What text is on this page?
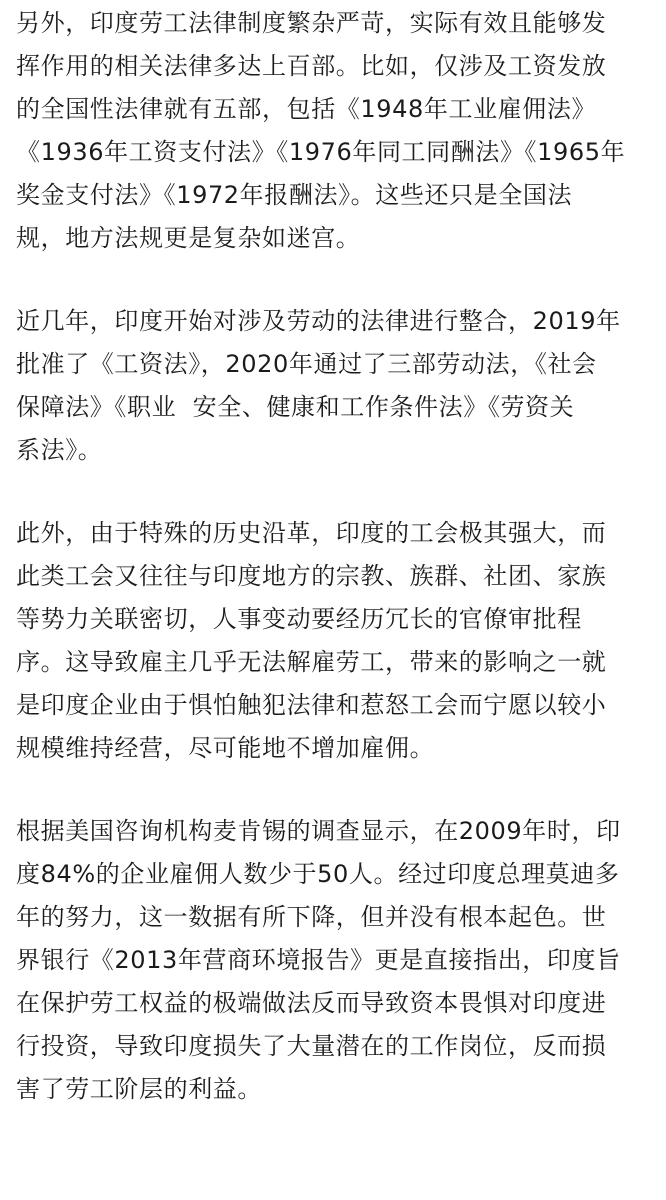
另外，印度劳工法律制度繁杂严苛，实际有效且能够发
挥作用的相关法律多达上百部。比如，仅涉及工资发放
的全国性法律就有五部，包括《1948年工业雇佣法》
《1936年工资支付法》《1976年同工同酬法》《1965年
奖金支付法》《1972年报酬法》。这些还只是全国法
规，地方法规更是复杂如迷宫。
近几年，印度开始对涉及劳动的法律进行整合，2019年
批准了《工资法》，2020年通过了三部劳动法，《社会
保障法》《职业  安全、健康和工作条件法》《劳资关
系法》。
此外，由于特殊的历史沿革，印度的工会极其强大，而
此类工会又往往与印度地方的宗教、族群、社团、家族
等势力关联密切，人事变动要经历冗长的官僚审批程
序。这导致雇主几乎无法解雇劳工，带来的影响之一就
是印度企业由于惧怕触犯法律和惹怒工会而宁愿以较小
规模维持经营，尽可能地不增加雇佣。
根据美国咨询机构麦肯锡的调查显示，在2009年时，印
度84%的企业雇佣人数少于50人。经过印度总理莫迪多
年的努力，这一数据有所下降，但并没有根本起色。世
界银行《2013年营商环境报告》更是直接指出，印度旨
在保护劳工权益的极端做法反而导致资本畏惧对印度进
行投资，导致印度损失了大量潜在的工作岗位，反而损
害了劳工阶层的利益。
